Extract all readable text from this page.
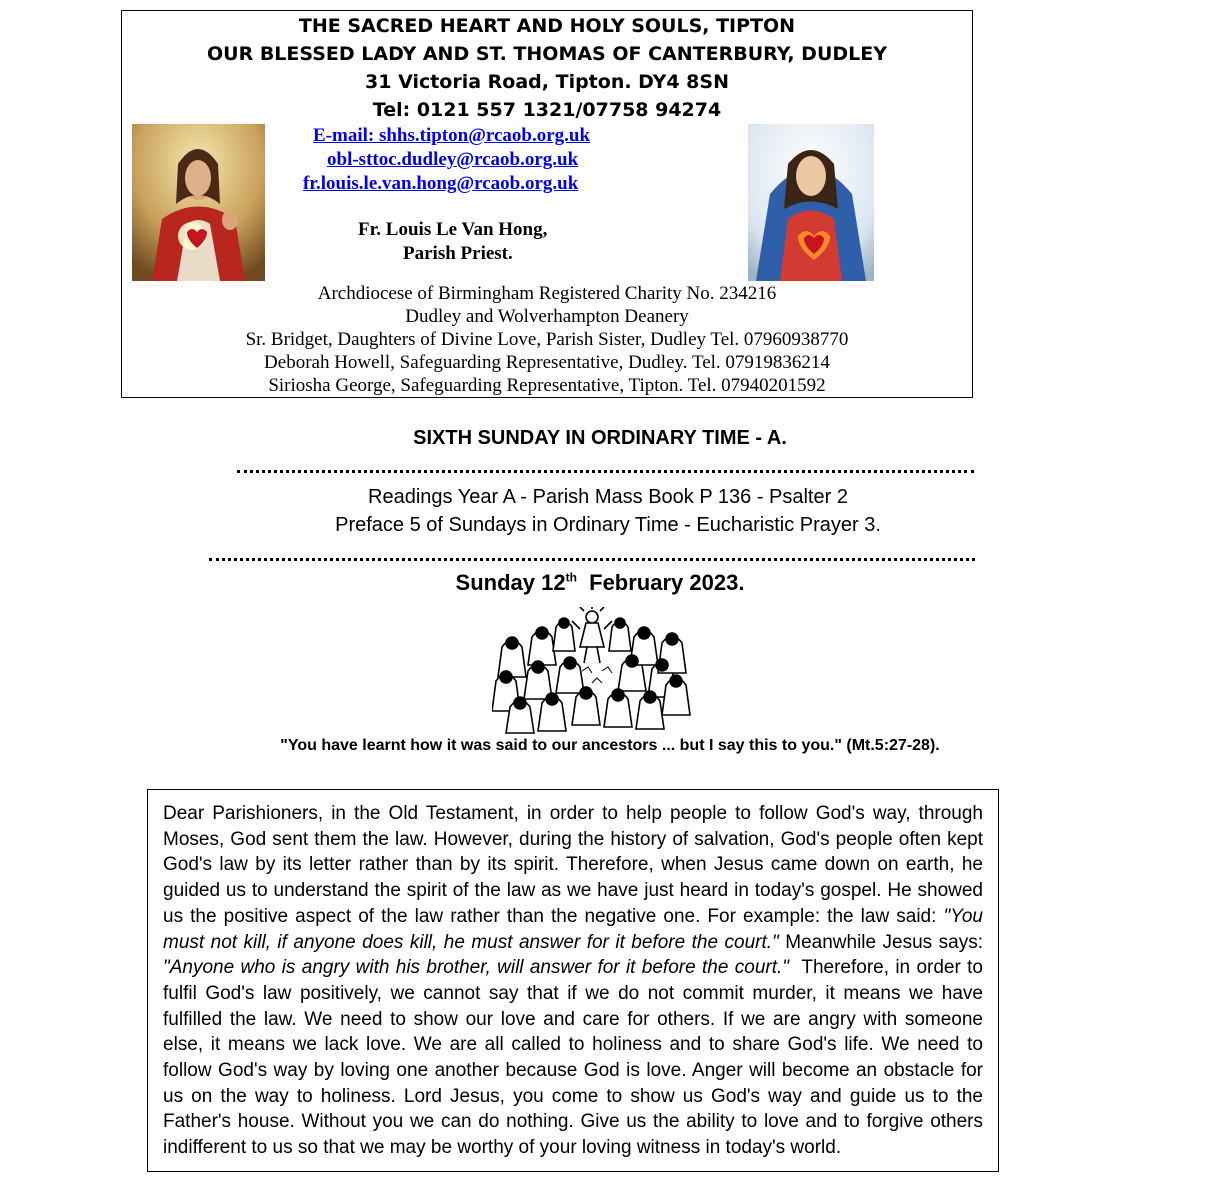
THE SACRED HEART AND HOLY SOULS, TIPTON
OUR BLESSED LADY AND ST. THOMAS OF CANTERBURY, DUDLEY
31 Victoria Road, Tipton. DY4 8SN
Tel: 0121 557 1321/07758 94274
E-mail: shhs.tipton@rcaob.org.uk
obl-sttoc.dudley@rcaob.org.uk
fr.louis.le.van.hong@rcaob.org.uk
Fr. Louis Le Van Hong,
Parish Priest.
Archdiocese of Birmingham Registered Charity No. 234216
Dudley and Wolverhampton Deanery
Sr. Bridget, Daughters of Divine Love, Parish Sister, Dudley Tel. 07960938770
Deborah Howell, Safeguarding Representative, Dudley. Tel. 07919836214
Siriosha George, Safeguarding Representative, Tipton. Tel. 07940201592
SIXTH SUNDAY IN ORDINARY TIME - A.
Readings Year A - Parish Mass Book P 136 - Psalter 2
Preface 5 of Sundays in Ordinary Time - Eucharistic Prayer 3.
Sunday 12th  February 2023.
"You have learnt how it was said to our ancestors ... but I say this to you." (Mt.5:27-28).

Dear Parishioners, in the Old Testament, in order to help people to follow God's way, through Moses, God sent them the law. However, during the history of salvation, God's people often kept God's law by its letter rather than by its spirit. Therefore, when Jesus came down on earth, he guided us to understand the spirit of the law as we have just heard in today's gospel. He showed us the positive aspect of the law rather than the negative one. For example: the law said: "You must not kill, if anyone does kill, he must answer for it before the court." Meanwhile Jesus says: "Anyone who is angry with his brother, will answer for it before the court."  Therefore, in order to fulfil God's law positively, we cannot say that if we do not commit murder, it means we have fulfilled the law. We need to show our love and care for others. If we are angry with someone else, it means we lack love. We are all called to holiness and to share God's life. We need to follow God's way by loving one another because God is love. Anger will become an obstacle for us on the way to holiness. Lord Jesus, you come to show us God's way and guide us to the Father's house. Without you we can do nothing. Give us the ability to love and to forgive others indifferent to us so that we may be worthy of your loving witness in today's world.
